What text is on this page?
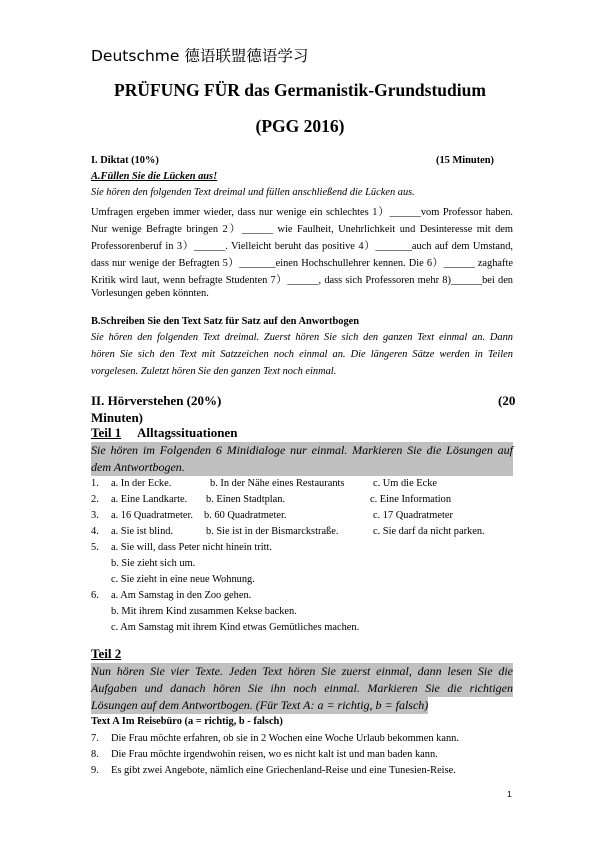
Deutschme 德语联盟德语学习
PRÜFUNG FÜR das Germanistik-Grundstudium
(PGG 2016)
I. Diktat (10%)	(15 Minuten)
A.Füllen Sie die Lücken aus!
Sie hören den folgenden Text dreimal und füllen anschließend die Lücken aus.
Umfragen ergeben immer wieder, dass nur wenige ein schlechtes 1）______vom Professor haben.
Nur wenige Befragte bringen 2）______ wie Faulheit, Unehrlichkeit und Desinteresse mit dem
Professorenberuf in 3）______. Vielleicht beruht das positive 4）_______auch auf dem Umstand,
dass nur wenige der Befragten 5）_______einen Hochschullehrer kennen. Die 6）______ zaghafte
Kritik wird laut, wenn befragte Studenten 7）______, dass sich Professoren mehr 8)______bei den
Vorlesungen geben könnten.
B.Schreiben Sie den Text Satz für Satz auf den Anwortbogen
Sie hören den folgenden Text dreimal. Zuerst hören Sie sich den ganzen Text einmal an. Dann
hören Sie sich den Text mit Satzzeichen noch einmal an. Die längeren Sätze werden in Teilen
vorgelesen. Zuletzt hören Sie den ganzen Text noch einmal.
II. Hörverstehen (20%)	(20
Minuten)
Teil 1 Alltagssituationen
Sie hören im Folgenden 6 Minidialoge nur einmal. Markieren Sie die Lösungen auf
dem Antwortbogen.
1. a. In der Ecke.	b. In der Nähe eines Restaurants	c. Um die Ecke
2. a. Eine Landkarte. b. Einen Stadtplan.	c. Eine Information
3. a. 16 Quadratmeter. b. 60 Quadratmeter.	c. 17 Quadratmeter
4. a. Sie ist blind.	b. Sie ist in der Bismarckstraße.	c. Sie darf da nicht parken.
5. a. Sie will, dass Peter nicht hinein tritt.
b. Sie zieht sich um.
c. Sie zieht in eine neue Wohnung.
6. a. Am Samstag in den Zoo gehen.
b. Mit ihrem Kind zusammen Kekse backen.
c. Am Samstag mit ihrem Kind etwas Gemütliches machen.
Teil 2
Nun hören Sie vier Texte. Jeden Text hören Sie zuerst einmal, dann lesen Sie die
Aufgaben und danach hören Sie ihn noch einmal. Markieren Sie die richtigen
Lösungen auf dem Antwortbogen. (Für Text A: a = richtig, b = falsch)
Text A Im Reisebüro (a = richtig, b - falsch)
7. Die Frau möchte erfahren, ob sie in 2 Wochen eine Woche Urlaub bekommen kann.
8. Die Frau möchte irgendwohin reisen, wo es nicht kalt ist und man baden kann.
9. Es gibt zwei Angebote, nämlich eine Griechenland-Reise und eine Tunesien-Reise.
1
